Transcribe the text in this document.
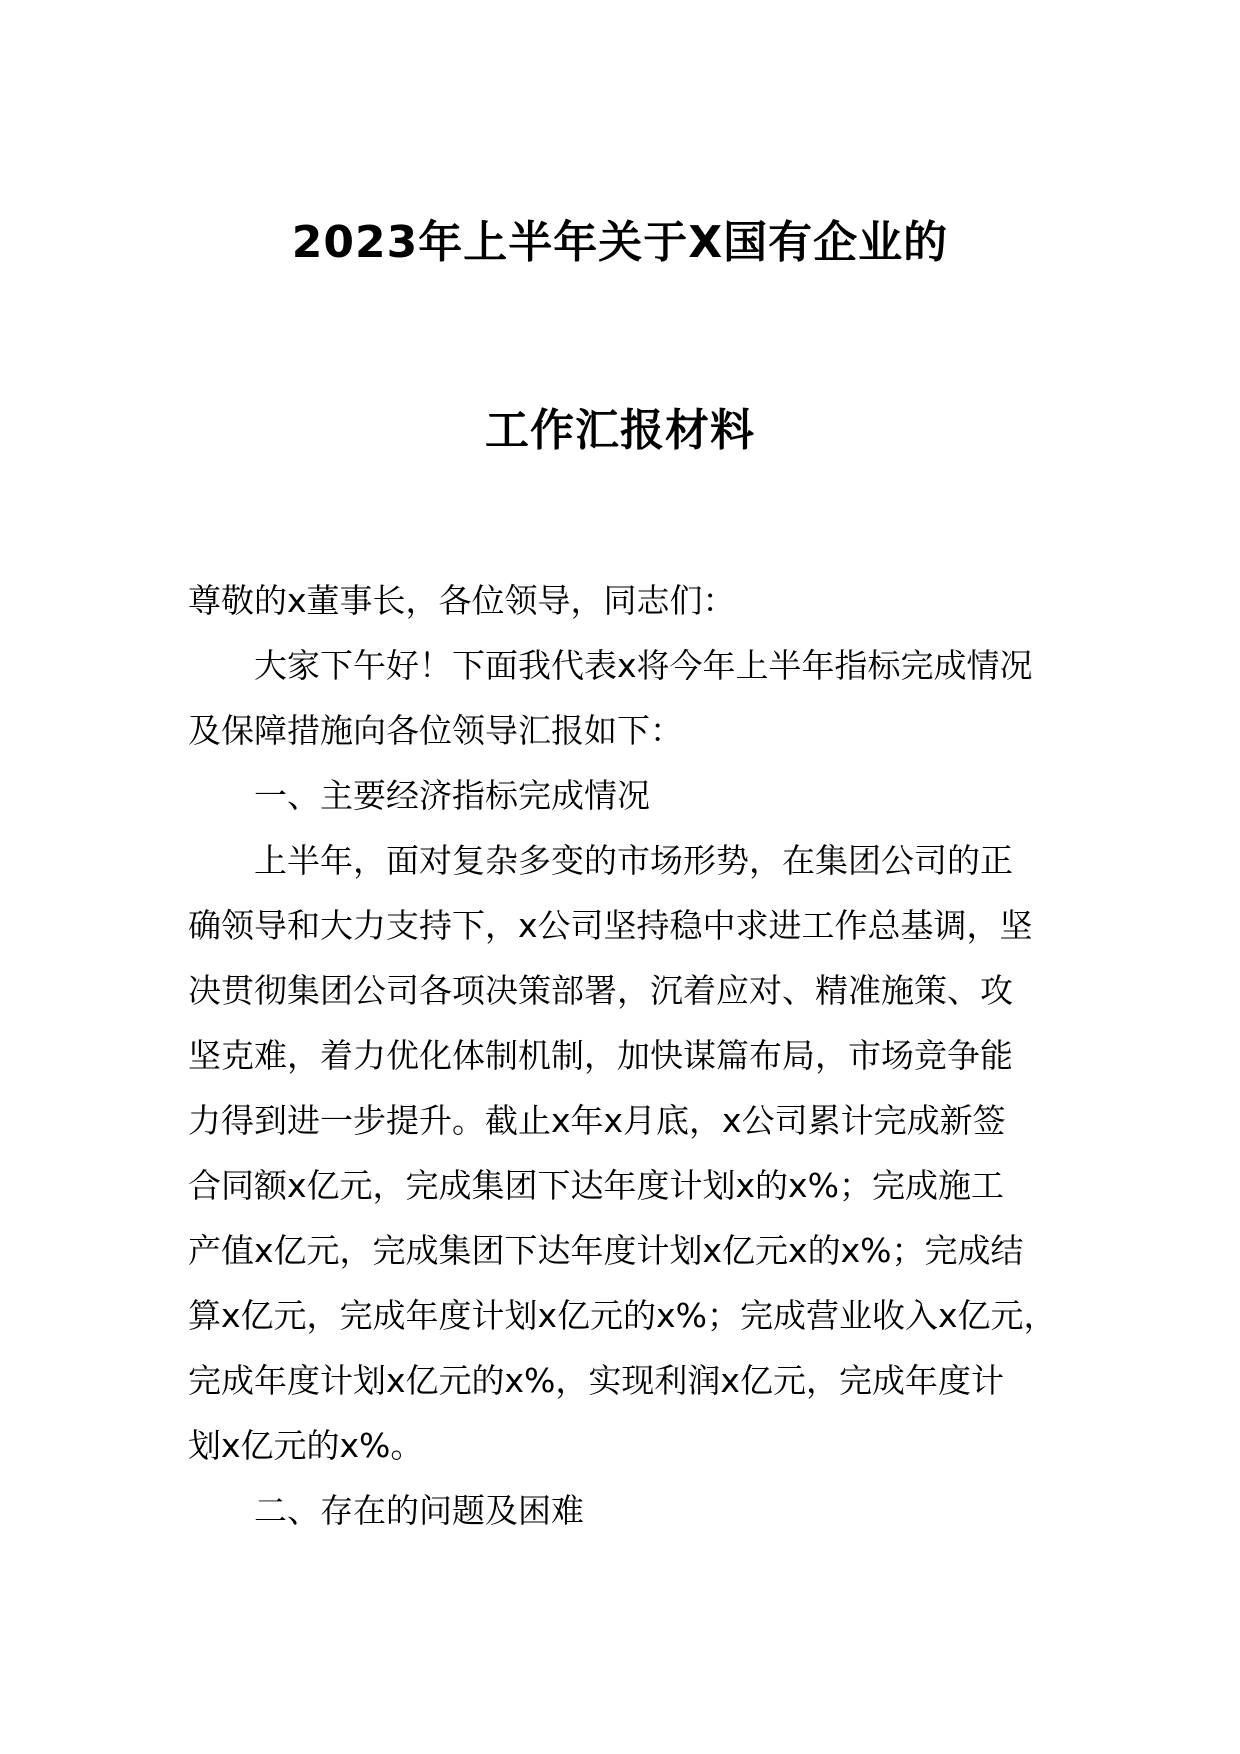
2023年上半年关于X国有企业的
工作汇报材料
尊敬的x董事长，各位领导，同志们：
大家下午好！下面我代表x将今年上半年指标完成情况
及保障措施向各位领导汇报如下：
一、主要经济指标完成情况
上半年，面对复杂多变的市场形势，在集团公司的正
确领导和大力支持下，x公司坚持稳中求进工作总基调，坚
决贯彻集团公司各项决策部署，沉着应对、精准施策、攻
坚克难，着力优化体制机制，加快谋篇布局，市场竞争能
力得到进一步提升。截止x年x月底，x公司累计完成新签
合同额x亿元，完成集团下达年度计划x的x%；完成施工
产值x亿元，完成集团下达年度计划x亿元x的x%；完成结
算x亿元，完成年度计划x亿元的x%；完成营业收入x亿元，
完成年度计划x亿元的x%，实现利润x亿元，完成年度计
划x亿元的x%。
二、存在的问题及困难
